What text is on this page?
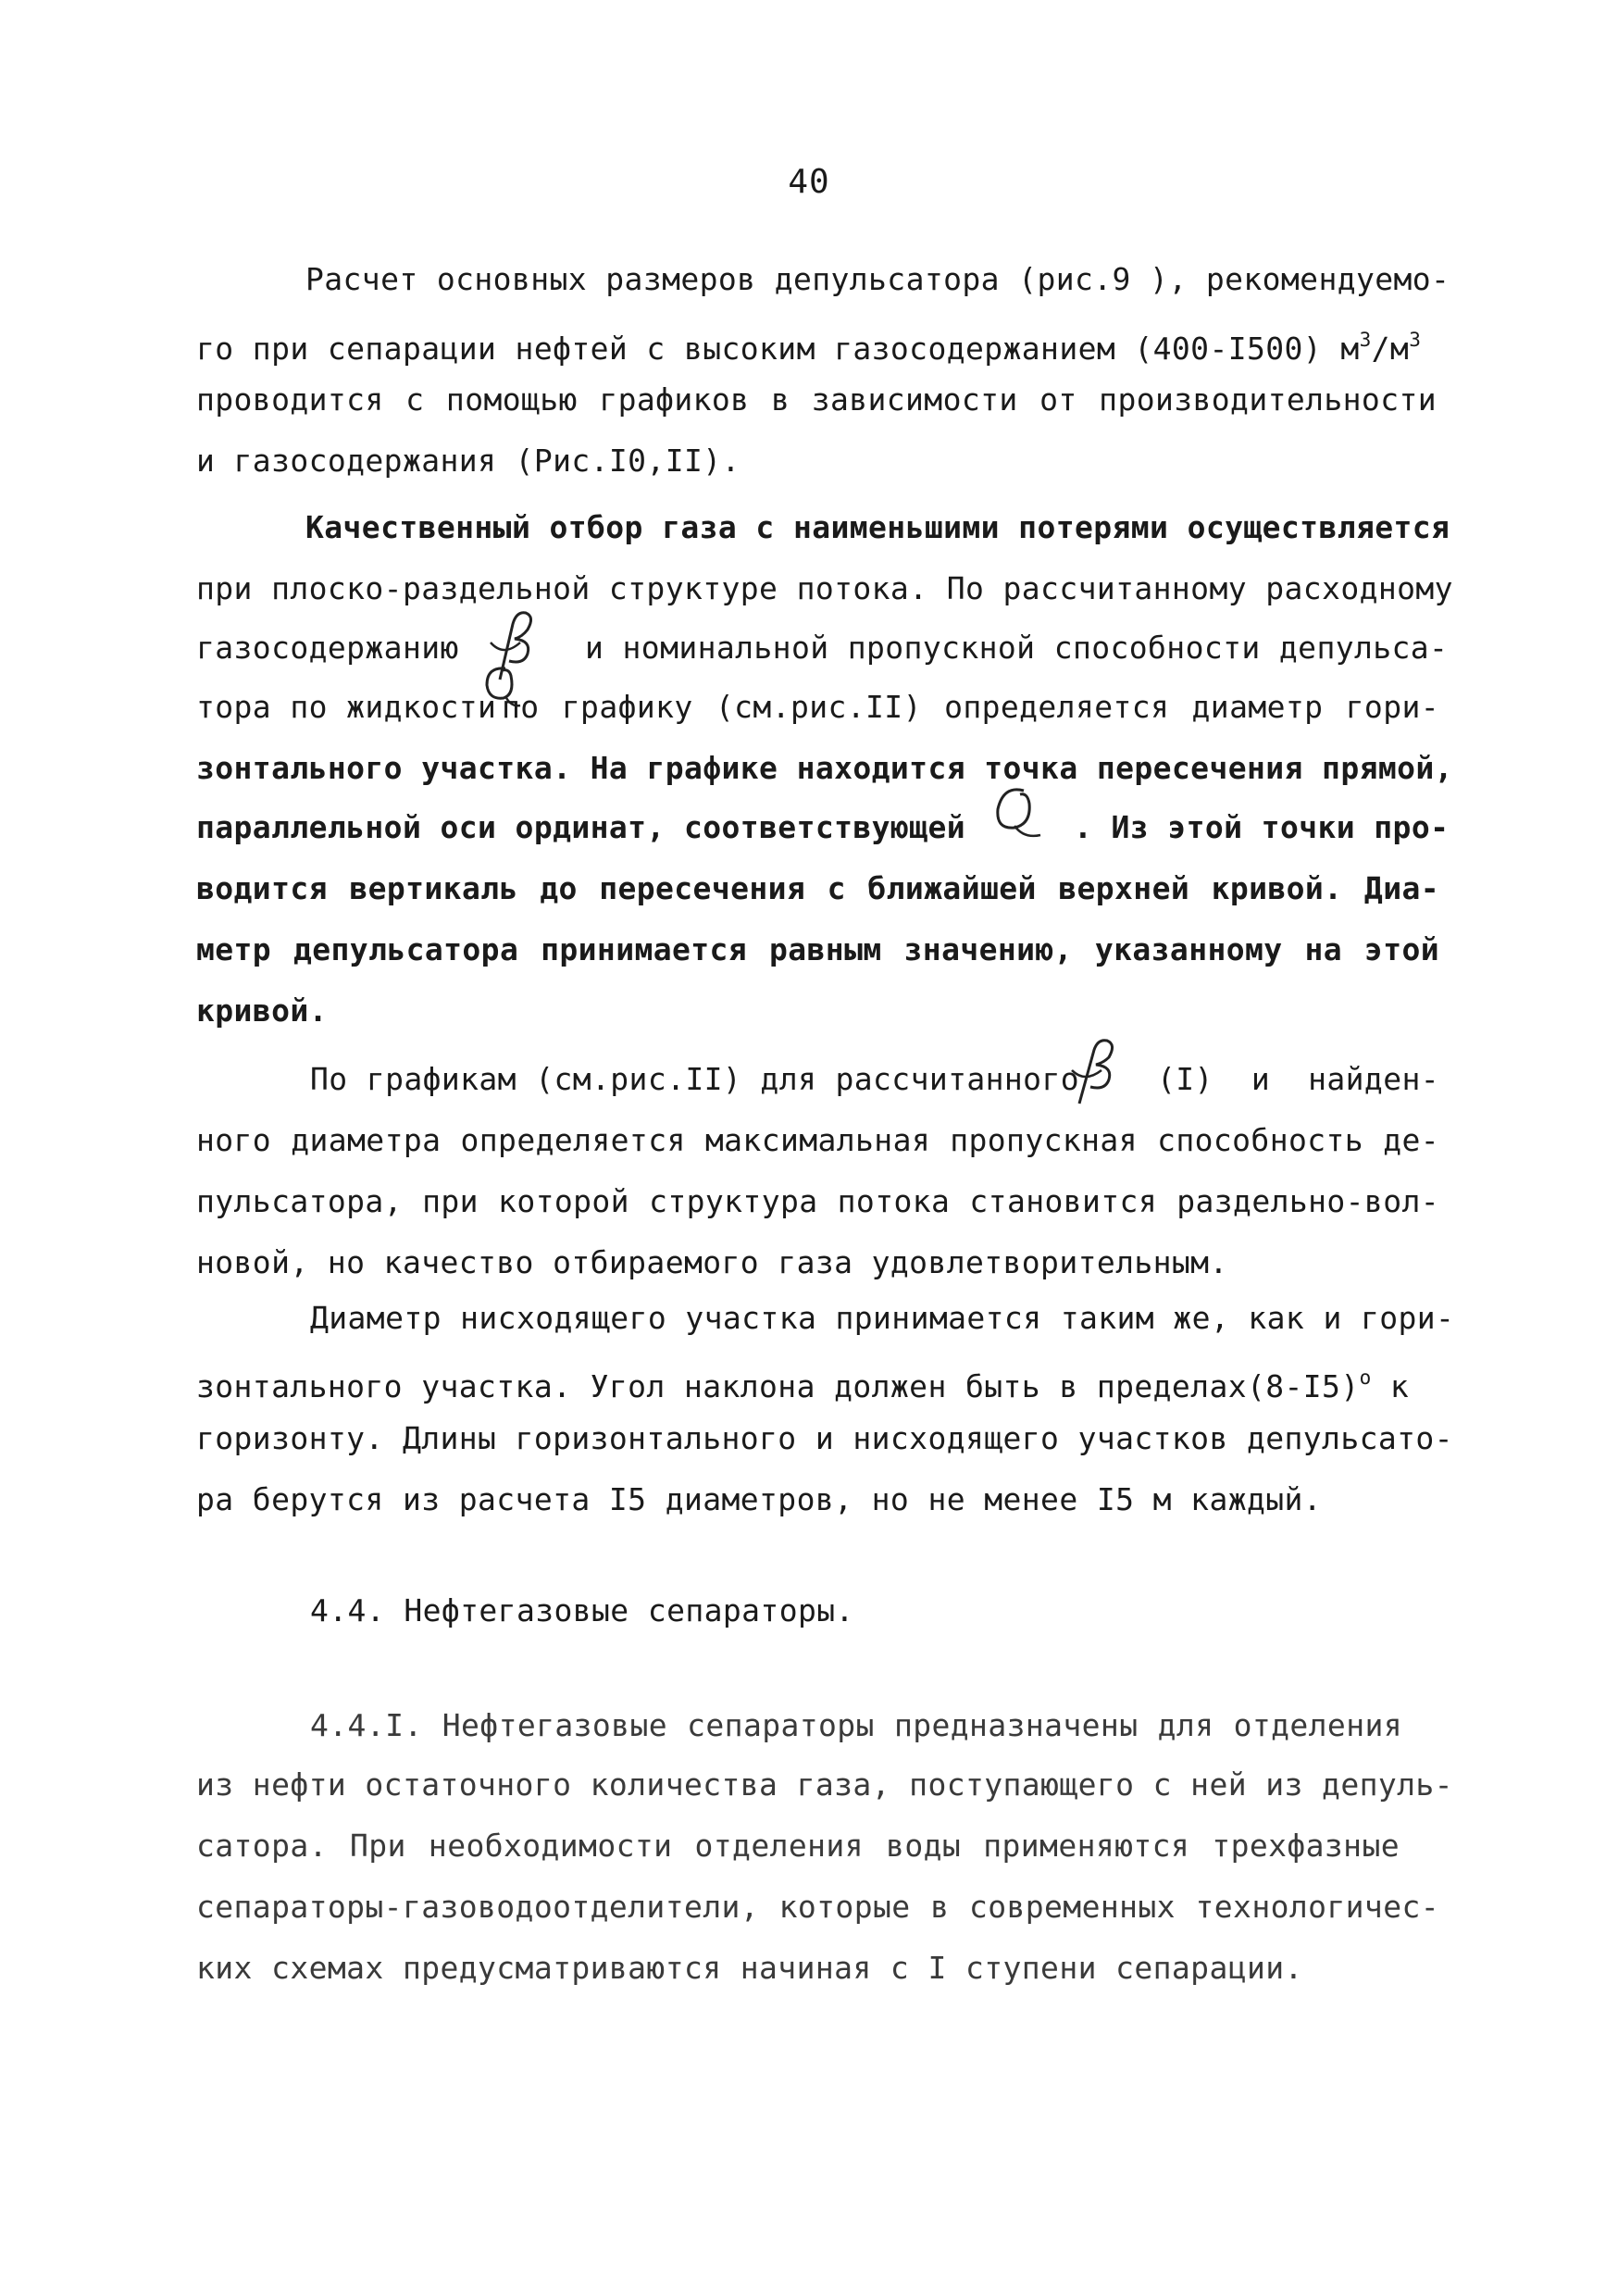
40
Расчет основных размеров депульсатора (рис.9 ), рекомендуемо-
го при сепарации нефтей с высоким газосодержанием (400-I500) $м^3/м^3$
проводится с помощью графиков в зависимости от производительности
и газосодержания (Рис.I0,II).
Качественный отбор газа с наименьшими потерями осуществляется
при плоско-раздельной структуре потока. По рассчитанному расходному
газосодержанию	и номинальной пропускной способности депульса-
тора по жидкости по графику (см.рис.II) определяется диаметр гори-
зонтального участка. На графике находится точка пересечения прямой,
параллельной оси ординат, соответствующей	. Из этой точки про-
водится вертикаль до пересечения с ближайшей верхней кривой. Диа-
метр депульсатора принимается равным значению, указанному на этой
кривой.
По графикам (см.рис.II) для рассчитанного	(I) и найден-
ного диаметра определяется максимальная пропускная способность де-
пульсатора, при которой структура потока становится раздельно-вол-
новой, но качество отбираемого газа удовлетворительным.
Диаметр нисходящего участка принимается таким же, как и гори-
зонтального участка. Угол наклона должен быть в $пределах(8-I5)^о$ к
горизонту. Длины горизонтального и нисходящего участков депульсато-
ра берутся из расчета I5 диаметров, но не менее I5 м каждый.
4.4. Нефтегазовые сепараторы.
4.4.I. Нефтегазовые сепараторы предназначены для отделения
из нефти остаточного количества газа, поступающего с ней из депуль-
сатора. При необходимости отделения воды применяются трехфазные
сепараторы-газоводоотделители, которые в современных технологичес-
ких схемах предусматриваются начиная с I ступени сепарации.
